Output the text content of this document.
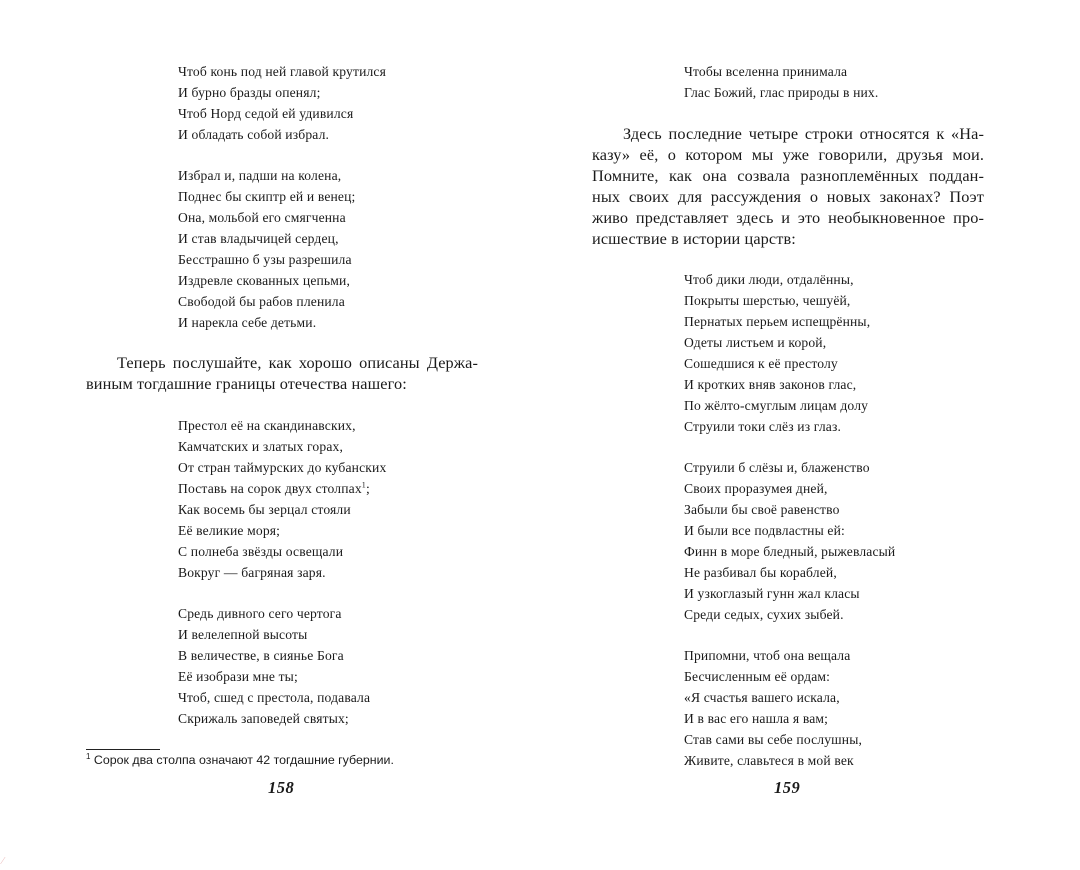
Чтоб конь под ней главой крутился
И бурно бразды опенял;
Чтоб Норд седой ей удивился
И обладать собой избрал.
Избрал и, падши на колена,
Поднес бы скиптр ей и венец;
Она, мольбой его смягченна
И став владычицей сердец,
Бесстрашно б узы разрешила
Издревле скованных цепьми,
Свободой бы рабов пленила
И нарекла себе детьми.
Теперь послушайте, как хорошо описаны Держа-
виным тогдашние границы отечества нашего:
Престол её на скандинавских,
Камчатских и златых горах,
От стран таймурских до кубанских
Поставь на сорок двух столпах$^1$;
Как восемь бы зерцал стояли
Её великие моря;
С полнеба звёзды освещали
Вокруг — багряная заря.
Средь дивного сего чертога
И велелепной высоты
В величестве, в сиянье Бога
Её изобрази мне ты;
Чтоб, сшед с престола, подавала
Скрижаль заповедей святых;
$^1$ Сорок два столпа означают 42 тогдашние губернии.
158
Чтобы вселенна принимала
Глас Божий, глас природы в них.
Здесь последние четыре строки относятся к «На-
казу» её, о котором мы уже говорили, друзья мои.
Помните, как она созвала разноплемённых поддан-
ных своих для рассуждения о новых законах? Поэт
живо представляет здесь и это необыкновенное про-
исшествие в истории царств:
Чтоб дики люди, отдалённы,
Покрыты шерстью, чешуёй,
Пернатых перьем испещрённы,
Одеты листьем и корой,
Сошедшися к её престолу
И кротких вняв законов глас,
По жёлто-смуглым лицам долу
Струили токи слёз из глаз.
Струили б слёзы и, блаженство
Своих проразумея дней,
Забыли бы своё равенство
И были все подвластны ей:
Финн в море бледный, рыжевласый
Не разбивал бы кораблей,
И узкоглазый гунн жал класы
Среди седых, сухих зыбей.
Припомни, чтоб она вещала
Бесчисленным её ордам:
«Я счастья вашего искала,
И в вас его нашла я вам;
Став сами вы себе послушны,
Живите, славьтеся в мой век
159
⁄
